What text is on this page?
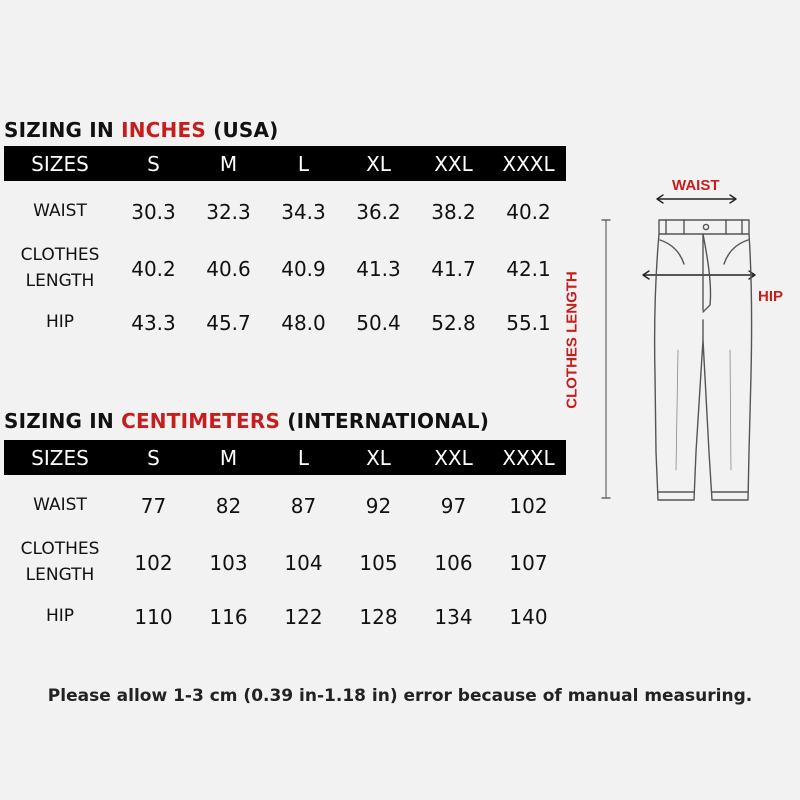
SIZING IN INCHES (USA)
SIZES	S	M	L	XL	XXL	XXXL

WAIST	30.3	32.3	34.3	36.2	38.2	40.2

CLOTHES
LENGTH	40.2	40.6	40.9	41.3	41.7	42.1

HIP	43.3	45.7	48.0	50.4	52.8	55.1
SIZING IN CENTIMETERS (INTERNATIONAL)
SIZES	S	M	L	XL	XXL	XXXL

WAIST	77	82	87	92	97	102

CLOTHES
LENGTH	102	103	104	105	106	107

HIP	110	116	122	128	134	140
WAIST
HIP
CLOTHES LENGTH
Please allow 1-3 cm (0.39 in-1.18 in) error because of manual measuring.
